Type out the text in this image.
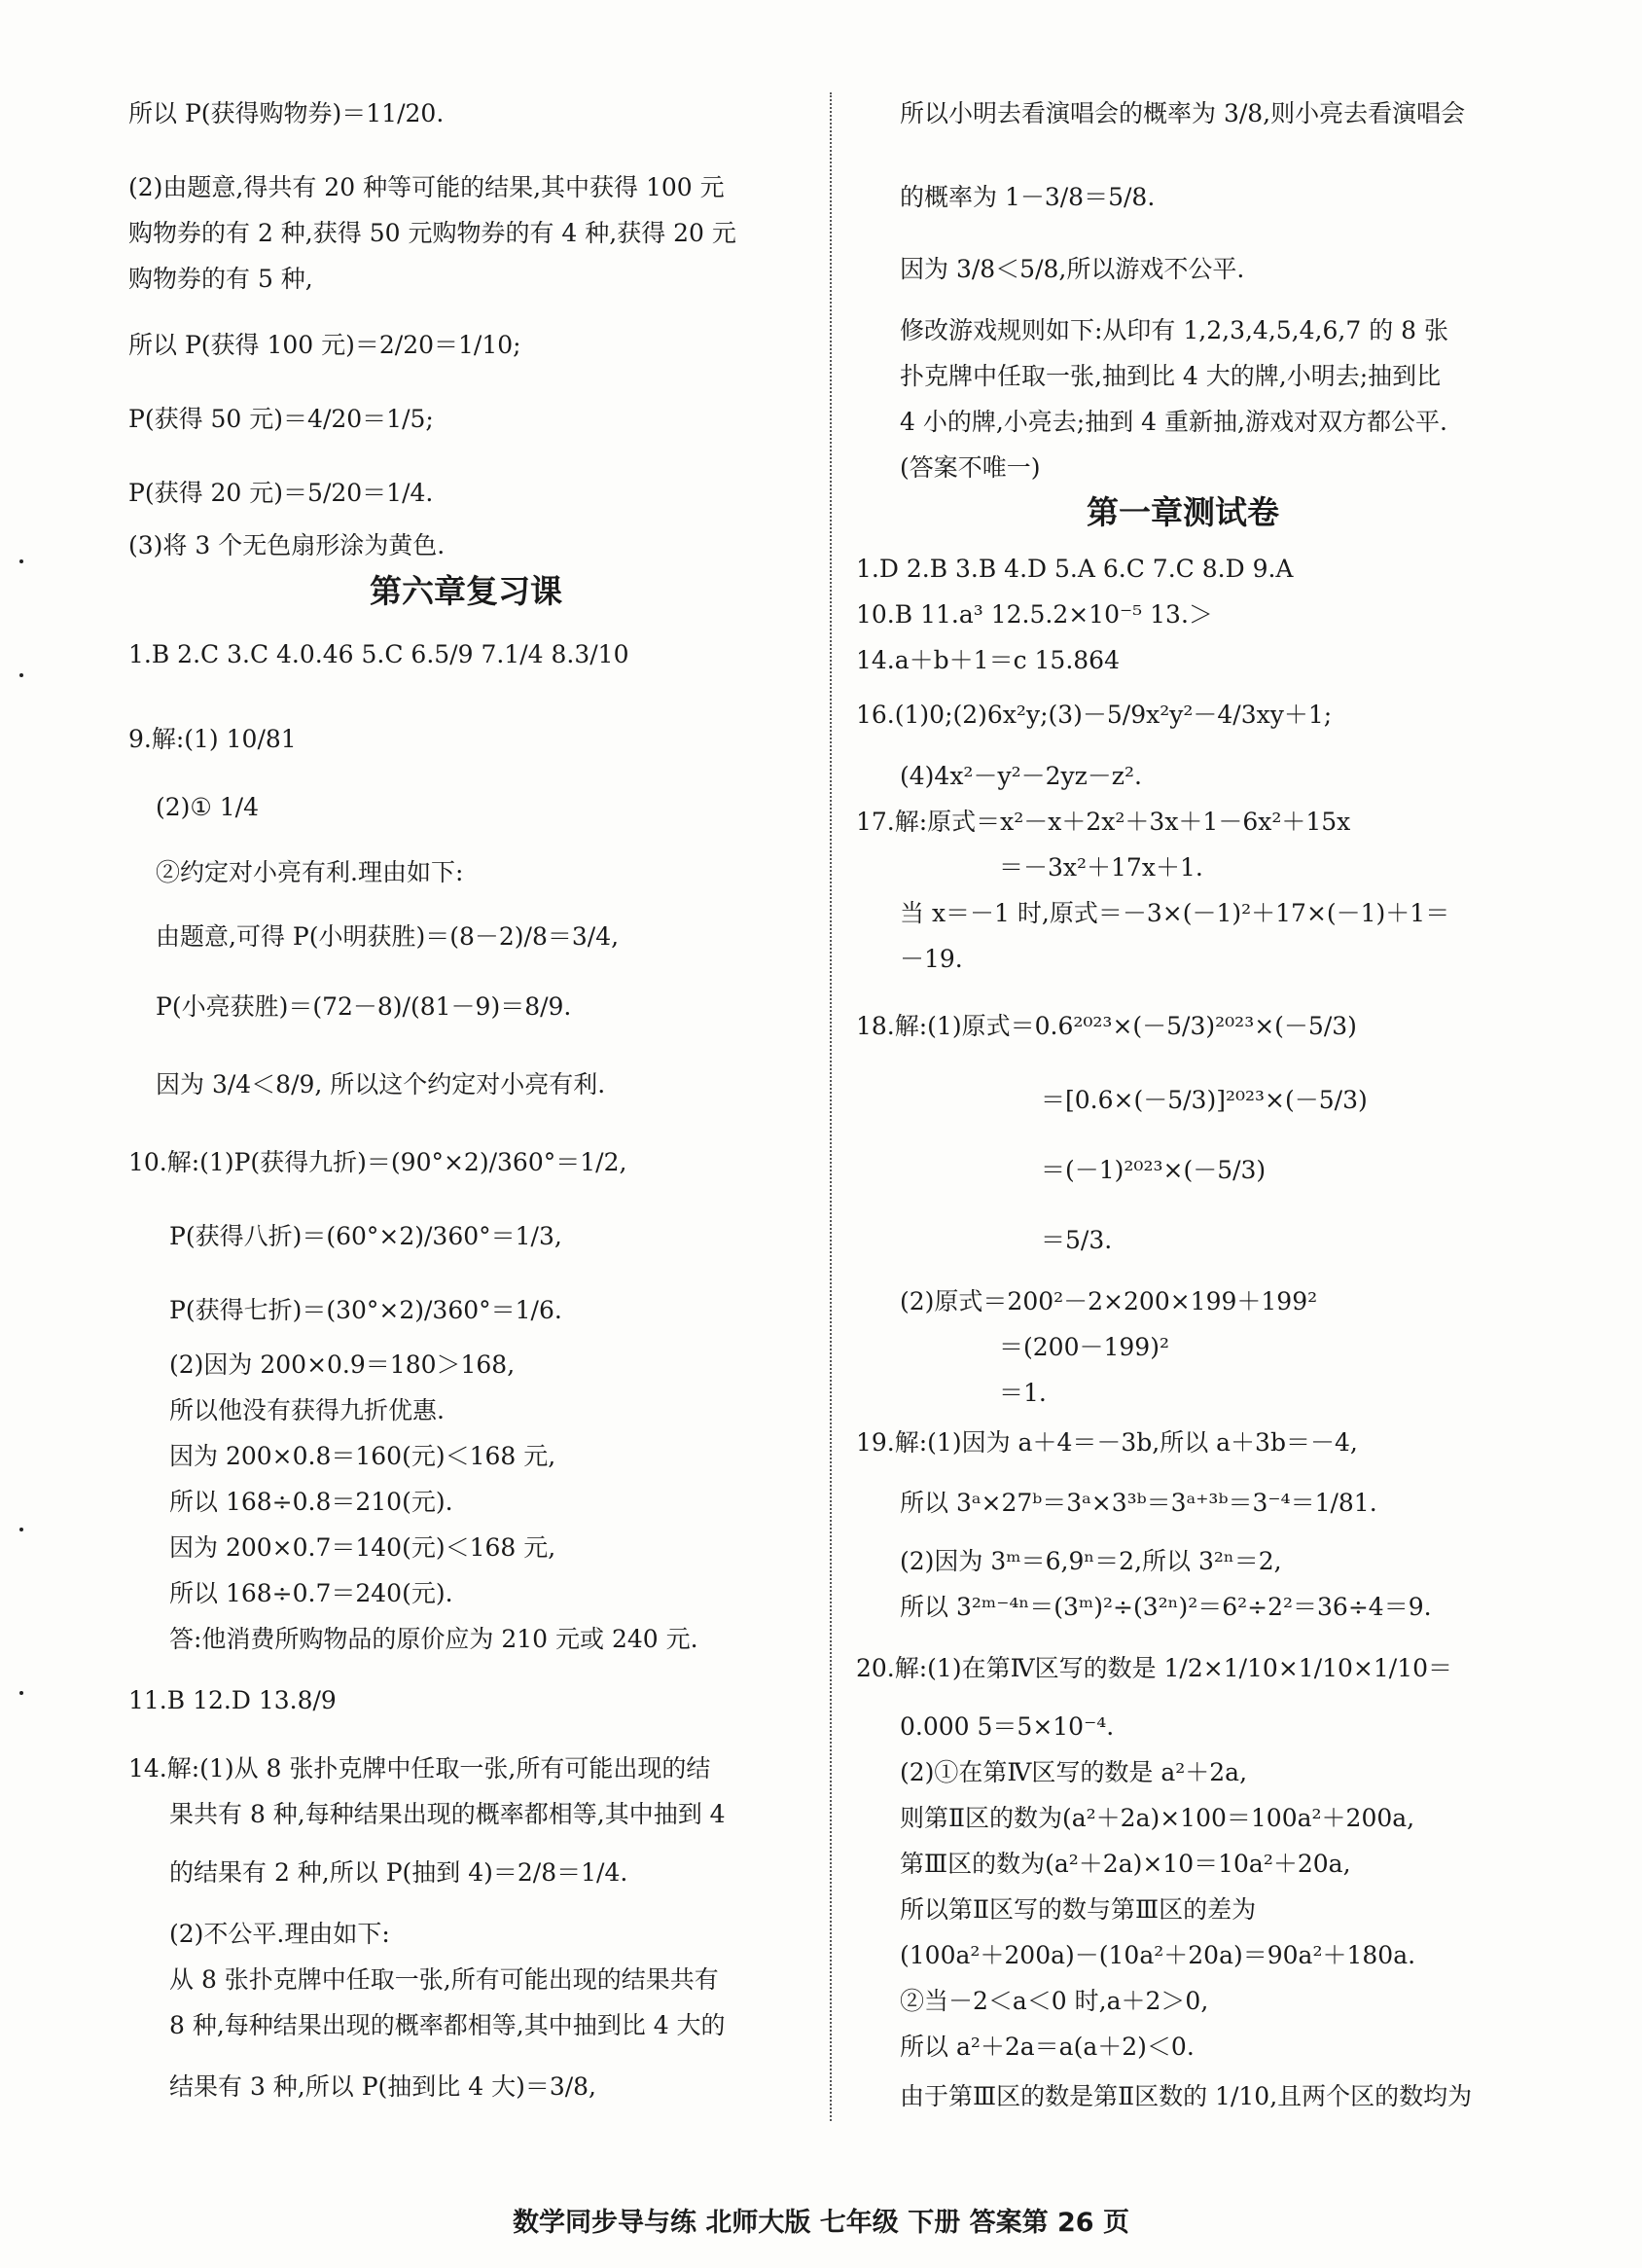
所以 P(获得购物券)＝11/20.
(2)由题意,得共有 20 种等可能的结果,其中获得 100 元
购物券的有 2 种,获得 50 元购物券的有 4 种,获得 20 元
购物券的有 5 种,
所以 P(获得 100 元)＝2/20＝1/10;
P(获得 50 元)＝4/20＝1/5;
P(获得 20 元)＝5/20＝1/4.
(3)将 3 个无色扇形涂为黄色.
第六章复习课
1.B 2.C 3.C 4.0.46 5.C 6.5/9 7.1/4 8.3/10
9.解:(1) 10/81
(2)① 1/4
②约定对小亮有利.理由如下:
由题意,可得 P(小明获胜)＝(8－2)/8＝3/4,
P(小亮获胜)＝(72－8)/(81－9)＝8/9.
因为 3/4＜8/9, 所以这个约定对小亮有利.
10.解:(1)P(获得九折)＝(90°×2)/360°＝1/2,
P(获得八折)＝(60°×2)/360°＝1/3,
P(获得七折)＝(30°×2)/360°＝1/6.
(2)因为 200×0.9＝180＞168,
所以他没有获得九折优惠.
因为 200×0.8＝160(元)＜168 元,
所以 168÷0.8＝210(元).
因为 200×0.7＝140(元)＜168 元,
所以 168÷0.7＝240(元).
答:他消费所购物品的原价应为 210 元或 240 元.
11.B 12.D 13.8/9
14.解:(1)从 8 张扑克牌中任取一张,所有可能出现的结
果共有 8 种,每种结果出现的概率都相等,其中抽到 4
的结果有 2 种,所以 P(抽到 4)＝2/8＝1/4.
(2)不公平.理由如下:
从 8 张扑克牌中任取一张,所有可能出现的结果共有
8 种,每种结果出现的概率都相等,其中抽到比 4 大的
结果有 3 种,所以 P(抽到比 4 大)＝3/8,
所以小明去看演唱会的概率为 3/8,则小亮去看演唱会
的概率为 1－3/8＝5/8.
因为 3/8＜5/8,所以游戏不公平.
修改游戏规则如下:从印有 1,2,3,4,5,4,6,7 的 8 张
扑克牌中任取一张,抽到比 4 大的牌,小明去;抽到比
4 小的牌,小亮去;抽到 4 重新抽,游戏对双方都公平.
(答案不唯一)
第一章测试卷
1.D 2.B 3.B 4.D 5.A 6.C 7.C 8.D 9.A
10.B 11.a³ 12.5.2×10⁻⁵ 13.＞
14.a＋b＋1＝c 15.864
16.(1)0;(2)6x²y;(3)－5/9x²y²－4/3xy＋1;
(4)4x²－y²－2yz－z².
17.解:原式＝x²－x＋2x²＋3x＋1－6x²＋15x
＝－3x²＋17x＋1.
当 x＝－1 时,原式＝－3×(－1)²＋17×(－1)＋1＝
－19.
18.解:(1)原式＝0.6²⁰²³×(－5/3)²⁰²³×(－5/3)
＝[0.6×(－5/3)]²⁰²³×(－5/3)
＝(－1)²⁰²³×(－5/3)
＝5/3.
(2)原式＝200²－2×200×199＋199²
＝(200－199)²
＝1.
19.解:(1)因为 a＋4＝－3b,所以 a＋3b＝－4,
所以 3ᵃ×27ᵇ＝3ᵃ×3³ᵇ＝3ᵃ⁺³ᵇ＝3⁻⁴＝1/81.
(2)因为 3ᵐ＝6,9ⁿ＝2,所以 3²ⁿ＝2,
所以 3²ᵐ⁻⁴ⁿ＝(3ᵐ)²÷(3²ⁿ)²＝6²÷2²＝36÷4＝9.
20.解:(1)在第Ⅳ区写的数是 1/2×1/10×1/10×1/10＝
0.000 5＝5×10⁻⁴.
(2)①在第Ⅳ区写的数是 a²＋2a,
则第Ⅱ区的数为(a²＋2a)×100＝100a²＋200a,
第Ⅲ区的数为(a²＋2a)×10＝10a²＋20a,
所以第Ⅱ区写的数与第Ⅲ区的差为
(100a²＋200a)－(10a²＋20a)＝90a²＋180a.
②当－2＜a＜0 时,a＋2＞0,
所以 a²＋2a＝a(a＋2)＜0.
由于第Ⅲ区的数是第Ⅱ区数的 1/10,且两个区的数均为
数学同步导与练 北师大版 七年级 下册 答案第 26 页
